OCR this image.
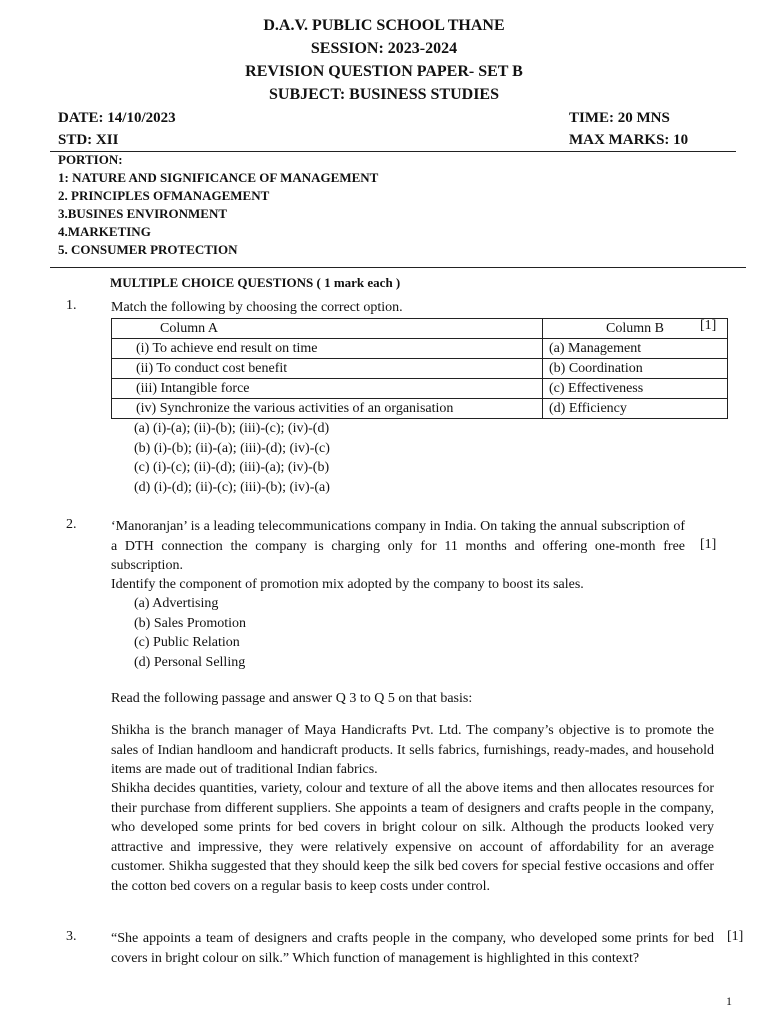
D.A.V. PUBLIC SCHOOL THANE
SESSION: 2023-2024
REVISION QUESTION PAPER- SET B
SUBJECT: BUSINESS STUDIES
DATE: 14/10/2023	TIME: 20 MNS
STD: XII	MAX MARKS: 10
PORTION:
1: NATURE AND SIGNIFICANCE OF MANAGEMENT
2. PRINCIPLES OFMANAGEMENT
3.BUSINES ENVIRONMENT
4.MARKETING
5. CONSUMER PROTECTION
MULTIPLE CHOICE QUESTIONS ( 1 mark each )
1. Match the following by choosing the correct option.
[1]
Column A	Column B
(i) To achieve end result on time	(a) Management
(ii) To conduct cost benefit	(b) Coordination
(iii) Intangible force	(c) Effectiveness
(iv) Synchronize the various activities of an organisation	(d) Efficiency
(a) (i)-(a); (ii)-(b); (iii)-(c); (iv)-(d)
(b) (i)-(b); (ii)-(a); (iii)-(d); (iv)-(c)
(c) (i)-(c); (ii)-(d); (iii)-(a); (iv)-(b)
(d) (i)-(d); (ii)-(c); (iii)-(b); (iv)-(a)
2. ‘Manoranjan’ is a leading telecommunications company in India. On taking the annual subscription of a DTH connection the company is charging only for 11 months and offering one-month free subscription.
[1]
Identify the component of promotion mix adopted by the company to boost its sales.
(a) Advertising
(b) Sales Promotion
(c) Public Relation
(d) Personal Selling
Read the following passage and answer Q 3 to Q 5 on that basis:
Shikha is the branch manager of Maya Handicrafts Pvt. Ltd. The company’s objective is to promote the sales of Indian handloom and handicraft products. It sells fabrics, furnishings, ready-mades, and household items are made out of traditional Indian fabrics.
Shikha decides quantities, variety, colour and texture of all the above items and then allocates resources for their purchase from different suppliers. She appoints a team of designers and crafts people in the company, who developed some prints for bed covers in bright colour on silk. Although the products looked very attractive and impressive, they were relatively expensive on account of affordability for an average customer. Shikha suggested that they should keep the silk bed covers for special festive occasions and offer the cotton bed covers on a regular basis to keep costs under control.
3. “She appoints a team of designers and crafts people in the company, who developed some prints for bed covers in bright colour on silk.” Which function of management is highlighted in this context?
[1]
1
